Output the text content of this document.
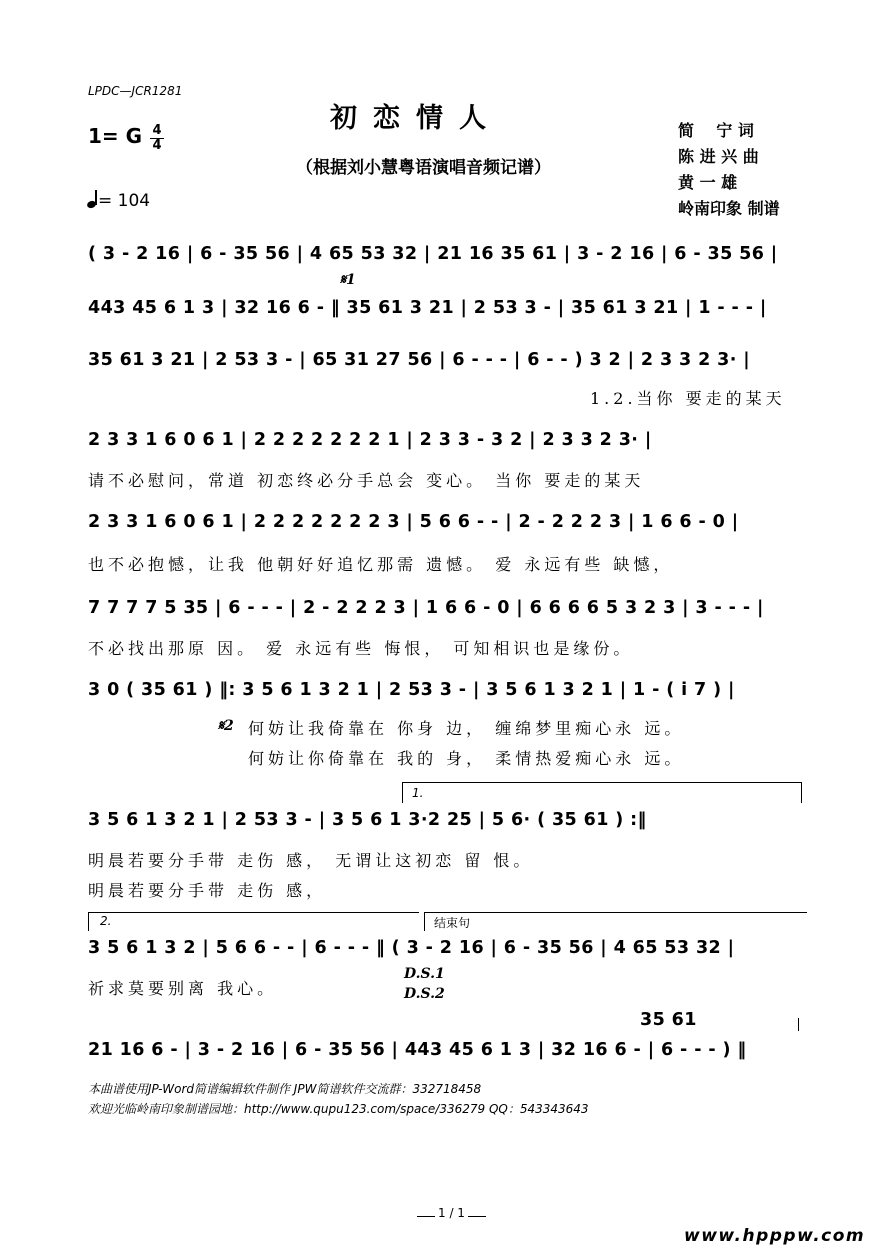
LPDC—JCR1281
初恋情人
（根据刘小慧粤语演唱音频记谱）
1= G $\frac{4}{4}$
= 104
简    宁 词
陈 进 兴 曲
黄 一 雄
岭南印象 制谱
( 3 - 2 16 | 6 - 35 56 | 4 65 53 32 | 21 16 35 61 | 3 - 2 16 | 6 - 35 56 |
𝄋1
443 45 6 1 3 | 32 16 6 - ‖ 35 61 3 21 | 2 53 3 - | 35 61 3 21 | 1 - - - |
35 61 3 21 | 2 53 3 - | 65 31 27 56 | 6 - - - | 6 - - ) 3 2 | 2 3 3 2 3· |
1.2.当你 要走的某天
2 3 3 1 6 0 6 1 | 2 2 2 2 2 2 2 1 | 2 3 3 - 3 2 | 2 3 3 2 3· |
请不必慰问，常道 初恋终必分手总会 变心。 当你 要走的某天
2 3 3 1 6 0 6 1 | 2 2 2 2 2 2 2 3 | 5 6 6 - - | 2 - 2 2 2 3 | 1 6 6 - 0 |
也不必抱憾，让我 他朝好好追忆那需 遗憾。 爱 永远有些 缺憾，
7 7 7 7 5 35 | 6 - - - | 2 - 2 2 2 3 | 1 6 6 - 0 | 6 6 6 6 5 3 2 3 | 3 - - - |
不必找出那原 因。 爱 永远有些 悔恨， 可知相识也是缘份。
3 0 ( 35 61 ) ‖: 3 5 6 1 3 2 1 | 2 53 3 - | 3 5 6 1 3 2 1 | 1 - ( i 7 ) |
𝄋2 何妨让我倚靠在 你身 边， 缠绵梦里痴心永 远。
何妨让你倚靠在 我的 身， 柔情热爱痴心永 远。
1.
3 5 6 1 3 2 1 | 2 53 3 - | 3 5 6 1 3·2 25 | 5 6· ( 35 61 ) :‖
明晨若要分手带 走伤 感， 无谓让这初恋 留 恨。
明晨若要分手带 走伤 感，
2.	结束句
3 5 6 1 3 2 | 5 6 6 - - | 6 - - - ‖ ( 3 - 2 16 | 6 - 35 56 | 4 65 53 32 |
祈求莫要别离 我心。
D.S.1
D.S.2
35 61
21 16 6 - | 3 - 2 16 | 6 - 35 56 | 443 45 6 1 3 | 32 16 6 - | 6 - - - ) ‖
本曲谱使用JP-Word简谱编辑软件制作 JPW简谱软件交流群：332718458
欢迎光临岭南印象制谱园地：http://www.qupu123.com/space/336279 QQ：543343643
1 / 1
www.hpppw.com
